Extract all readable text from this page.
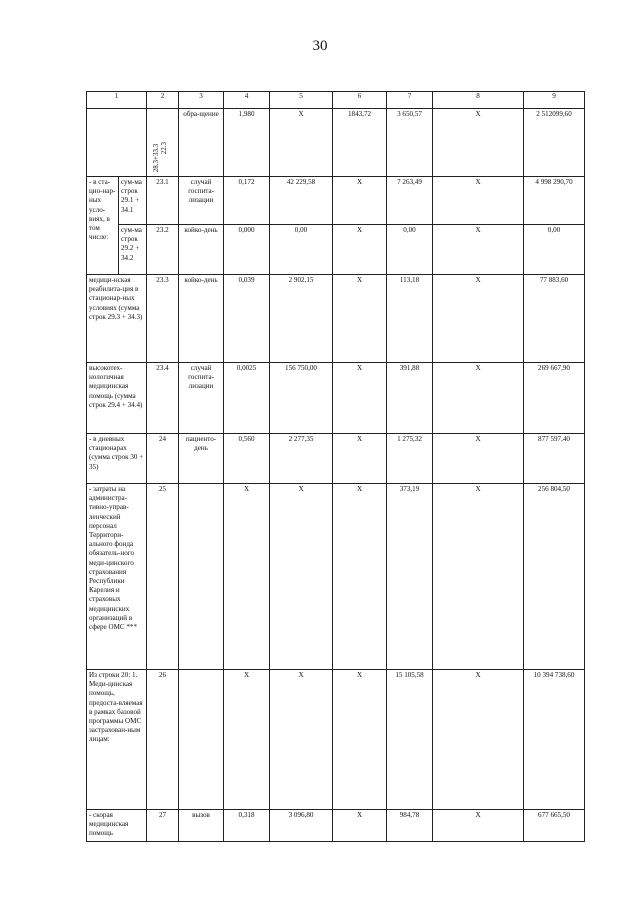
30
1		2	3	4	5	6	7	8	9	

		28.3+33.3 22.3	обра-щение	1,980	Х	1843,72	3 650,57	Х	2 512099,60	
- в ста-цио-нар-ных усло-виях, в том числе:	сум-ма строк 29.1 + 34.1	23.1	случай госпита-лизации	0,172	42 229,58	Х	7 263,49	Х	4 998 290,70	
	сум-ма строк 29.2 + 34.2	23.2	койко-день	0,000	0,00	Х	0,00	Х	0,00	
медици-нская реабилита-ция в стационар-ных условиях (сумма строк 29.3 + 34.3)		23.3	койко-день	0,039	2 902,15	Х	113,18	Х	77 883,60	
высокотех-нологичная медицинская помощь (сумма строк 29.4 + 34.4)		23.4	случай госпита-лизации	0,0025	156 750,00	Х	391,88	Х	269 667,90	
- в дневных стационарах (сумма строк 30 + 35)		24	пациенто-день	0,560	2 277,35	Х	1 275,32	Х	877 597,40	
- затраты на администра-тивно-управ-ленческий персонал Территори-ального фонда обязатель-ного меди-цинского страхования Республики Карелия и страховых медицинских организаций в сфере ОМС ***		25		Х	Х	Х	373,19	Х	256 804,50	
Из строки 20: 1. Меди-цинская помощь, предоста-вляемая в рамках базовой программы ОМС застрахован-ным лицам:		26		Х	Х	Х	15 105,58	Х	10 394 738,60	
- скорая медицинская помощь		27	вызов	0,318	3 096,80	Х	984,78	Х	677 665,50	
